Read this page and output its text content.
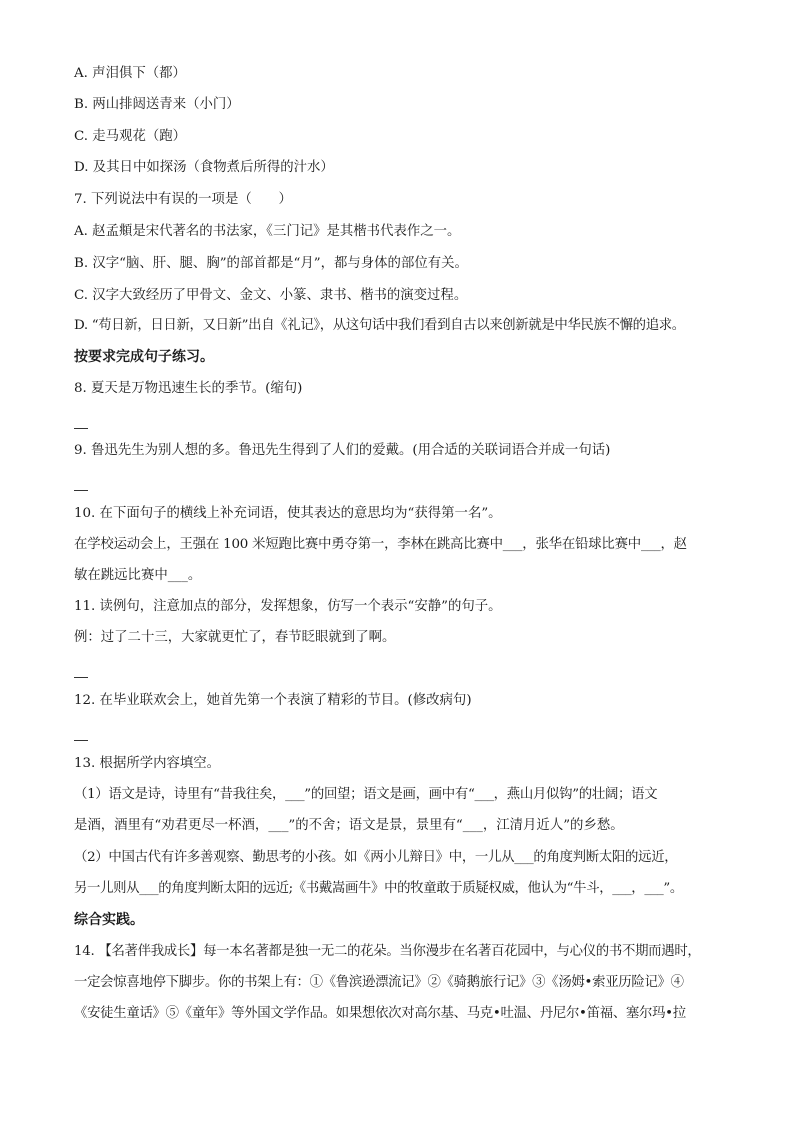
A. 声泪俱下（都）
B. 两山排闼送青来（小门）
C. 走马观花（跑）
D. 及其日中如探汤（食物煮后所得的汁水）
7. 下列说法中有误的一项是（　　）
A. 赵孟頫是宋代著名的书法家，《三门记》是其楷书代表作之一。
B. 汉字“脑、肝、腿、胸”的部首都是“月”，都与身体的部位有关。
C. 汉字大致经历了甲骨文、金文、小篆、隶书、楷书的演变过程。
D. “苟日新，日日新，又日新”出自《礼记》，从这句话中我们看到自古以来创新就是中华民族不懈的追求。
按要求完成句子练习。
8. 夏天是万物迅速生长的季节。(缩句)
9. 鲁迅先生为别人想的多。鲁迅先生得到了人们的爱戴。(用合适的关联词语合并成一句话)
10. 在下面句子的横线上补充词语，使其表达的意思均为“获得第一名”。
在学校运动会上，王强在 100 米短跑比赛中勇夺第一，李林在跳高比赛中___，张华在铅球比赛中___，赵
敏在跳远比赛中___。
11. 读例句，注意加点的部分，发挥想象，仿写一个表示“安静”的句子。
例：过了二十三，大家就更忙了，春节眨眼就到了啊。
12. 在毕业联欢会上，她首先第一个表演了精彩的节目。(修改病句)
13. 根据所学内容填空。
（1）语文是诗，诗里有“昔我往矣，___”的回望；语文是画，画中有“___，燕山月似钩”的壮阔；语文
是酒，酒里有“劝君更尽一杯酒，___”的不舍；语文是景，景里有“___，江清月近人”的乡愁。
（2）中国古代有许多善观察、勤思考的小孩。如《两小儿辩日》中，一儿从___的角度判断太阳的远近，
另一儿则从___的角度判断太阳的远近;《书戴嵩画牛》中的牧童敢于质疑权威，他认为“牛斗，___，___”。
综合实践。
14. 【名著伴我成长】每一本名著都是独一无二的花朵。当你漫步在名著百花园中，与心仪的书不期而遇时，
一定会惊喜地停下脚步。你的书架上有：①《鲁滨逊漂流记》②《骑鹅旅行记》③《汤姆•索亚历险记》④
《安徒生童话》⑤《童年》等外国文学作品。如果想依次对高尔基、马克•吐温、丹尼尔•笛福、塞尔玛•拉
